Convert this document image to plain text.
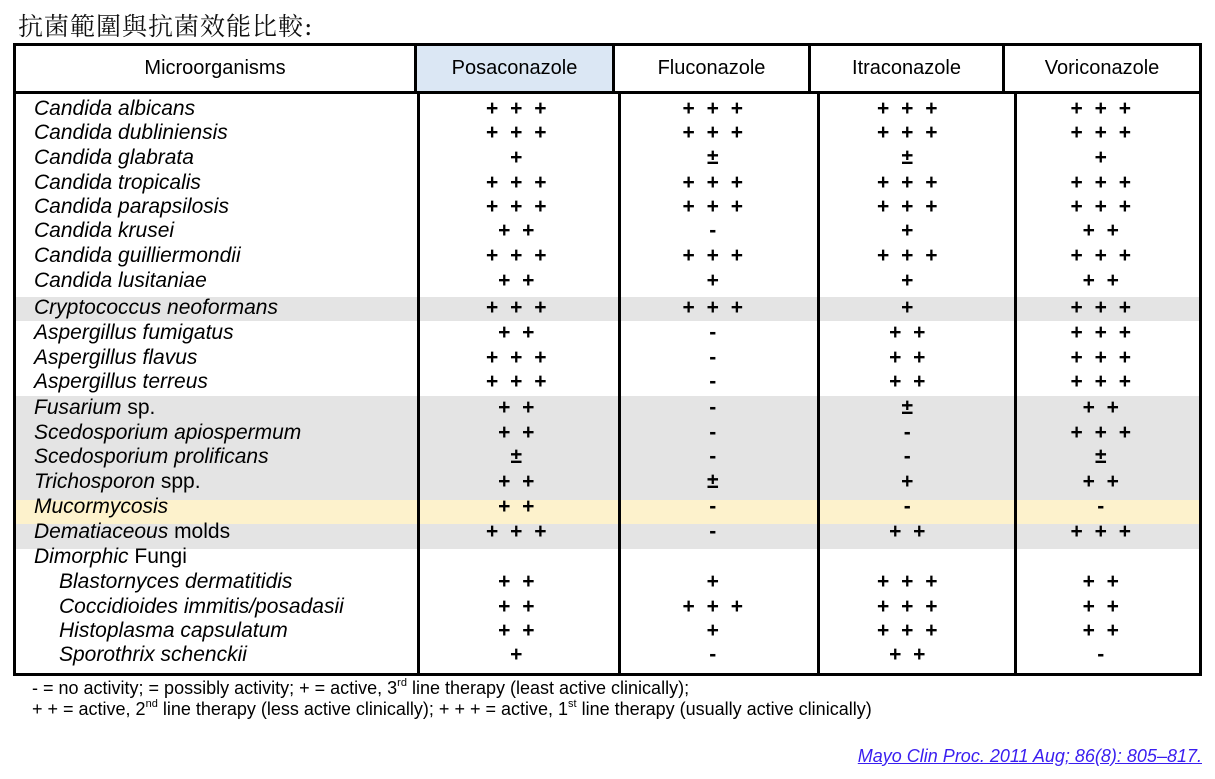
抗菌範圍與抗菌效能比較:
Microorganisms	Posaconazole	Fluconazole	Itraconazole	Voriconazole
Candida albicans	+ + +	+ + +	+ + +	+ + +
Candida dubliniensis	+ + +	+ + +	+ + +	+ + +
Candida glabrata	+	±	±	+
Candida tropicalis	+ + +	+ + +	+ + +	+ + +
Candida parapsilosis	+ + +	+ + +	+ + +	+ + +
Candida krusei	+ +	-	+	+ +
Candida guilliermondii	+ + +	+ + +	+ + +	+ + +
Candida lusitaniae	+ +	+	+	+ +
Cryptococcus neoformans	+ + +	+ + +	+	+ + +
Aspergillus fumigatus	+ +	-	+ +	+ + +
Aspergillus flavus	+ + +	-	+ +	+ + +
Aspergillus terreus	+ + +	-	+ +	+ + +
Fusarium sp.	+ +	-	±	+ +
Scedosporium apiospermum	+ +	-	-	+ + +
Scedosporium prolificans	±	-	-	±
Trichosporon spp.	+ +	±	+	+ +
Mucormycosis	+ +	-	-	-
Dematiaceous molds	+ + +	-	+ +	+ + +
Dimorphic Fungi
Blastornyces dermatitidis	+ +	+	+ + +	+ +
Coccidioides immitis/posadasii	+ +	+ + +	+ + +	+ +
Histoplasma capsulatum	+ +	+	+ + +	+ +
Sporothrix schenckii	+	-	+ +	-
- = no activity; = possibly activity; + = active, 3rd line therapy (least active clinically);
+ + = active, 2nd line therapy (less active clinically); + + + = active, 1st line therapy (usually active clinically)
Mayo Clin Proc. 2011 Aug; 86(8): 805–817.
